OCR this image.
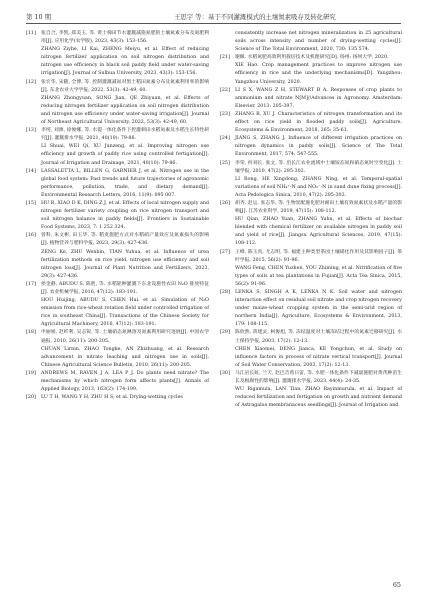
第 10 期	王思宇 等：基于不同灌溉模式的土壤氮素吸存及转化研究
[11] 张自合, 李凯, 郑美玉, 等. 黄土梯田节水灌溉减施氮肥的土壤氮素分布及氮肥利用[J]. 应用化学(农学版), 2023, 43(3): 153-156.
ZHANG Ziyhe, LI Kai, ZHENG Meiyu, et al. Effect of reducing nitrogen fertilizer application on soil nitrogen distribution and nitrogen use efficiency in black soil paddy field under water-saving irrigation[J]. Journal of Sulhua University, 2023, 43(3): 153-156.
[12] 张宏华, 宋随, 全博, 等. 控制灌溉减氮对黑土稻田氮素分布及氮素利用率的影响[J]. 东北农业大学学报, 2022, 53(3): 42-49, 60.
ZHANG Zhongyuan, SONG Jian, QE Zhiyuan, et al. Effects of reducing nitrogen fertilizer application on soil nitrogen distribution and nitrogen use efficiency under water-saving irrigation[J]. Journal of Northeast Agricultural University, 2022, 53(3): 42-49, 60.
[13] 李纯, 刘源, 徐俊娜, 等. 水提一体化条件下控灌刺田水稻氮素及水稻生长特性研究[J]. 灌溉排水学报, 2021, 40(10): 79-86.
LI Shuai, WEI Qi, XU Junzeng, et al. Improving nitrogen use efficiency and growth of paddy rice using controlled fertigation[J]. Journal of Irrigation and Drainage, 2021, 40(10): 79-86.
[14] LASSALETTA L, BILLEN G, GARNIER J, et al. Nitrogen use in the global food system: Past trends and future trajectories of agronomic performance, pollution, trade, and dietary demand[J]. Environmental Research Letters, 2016, 11(9): 095 007.
[15] HU R, XIAO D K, DING Z J, et al. Effects of local nitrogen supply and nitrogen fertilizer variety coupling on rice nitrogen transport and soil nitrogen balance in paddy fields[J]. Frontiers in Sustainable Food Systems, 2023, 7: 1 252 324.
[16] 曾科, 朱文彬, 田玉华, 等. 稻麦施肥方式对水稻硝产量效应及氮素损失的影响[J]. 植物营养与肥料学报, 2023, 29(3): 427-436.
ZENG Ke, ZHU Wenbin, TIAN Yuhua, et al. Influence of urea fertilization methods on rice yield, nitrogen use efficiency and soil nitrogen loss[J]. Journal of Plant Nutrition and Fertilizers, 2023, 29(3): 427-436.
[17] 侯金静, ABUDU S, 陈胜, 等. 水稻轮种灌溉下东北设施性农田 N₂O 排放特征[J]. 农业机械学报, 2016, 47(12): 183-191.
HOU Huijing, ABUDU S, CHEN Hui, et al. Simulation of N₂O emission from rice-wheat rotation field under controlled irrigation of rice in southeast China[J]. Transactions of the Chinese Society for Agricultural Machinery, 2016, 47(12): 183-191.
[18] 申丽娟, 赵纤利, 吴志锐, 等. 土壤硝态氮淋溶及氮素利用研究进展[J]. 中国农学通报, 2010, 26(11): 200-205.
CHUAN Lirnin, ZHAO Tongke, AN Zhizhuang, et al. Research advancement in nitrate leaching and nitrogen use in soils[J]. Chinese Agricultural Science Bulletin, 2010, 26(11): 200-205.
[19] ANDREWS M, RAVEN J A, LEA P J. Do plants need nitrate? The mechanisms by which nitrogen form affects plants[J]. Annals of Applied Biology, 2013, 163(2): 174-199.
[20] LU T H, WANG Y H, ZHU H S, et al. Drying-wetting cycles
consistently increase net nitrogen mineralization in 25 agricultural soils across intensity and number of drying-wetting cycles[J]. Science of The Total Environment, 2020, 730: 135 574.
[21] 谢佩. 水稻氮肥高效利用栽培技术及机理研究[D]. 扬州: 扬州大学, 2020.
XIE Hao. Crop management practices to improve nitrogen use efficiency in rice and the underlying mechanisms[D]. Yangzhou: Yangzhou University, 2020.
[22] LI S X, WANG Z H, STEWART B A. Responses of crop plants to ammonium and nitrate N[M]//Advances in Agronomy. Amsterdam: Elsevier, 2013: 205-397.
[23] ZHANG B, XU J. Characteristics of nitrogen transformation and its effect on rice yield in flooded paddy soils[J]. Agriculture, Ecosystems & Environment, 2018, 265: 35-61.
[24] JIANG S, ZHANG J. Influence of different irrigation practices on nitrogen dynamics in paddy soils[J]. Science of The Total Environment, 2017, 574: 547-555.
[25] 李荣, 何刘长, 张文, 等. 沿长江农业流域中土壤铵态氮和硝态氮时空变化[J]. 土壤学报, 2010, 47(2): 295-302.
LI Rong, HE Xingdong, ZHANG Ning, et al. Temporal-spatial variations of soil NH₄⁺-N and NO₃⁻-N in sand dune fixing process[J]. Acta Pedologica Sinica, 2010, 47(2): 295-302.
[26] 胡齐, 赵运, 张志华, 等. 生物炭配施化肥对耐田土壤有效氮素状及水稻产量的影响[J]. 江苏农业科学, 2019, 47(15): 108-112.
HU Qian, ZHAO Yuan, ZHANG Yuhu, et al. Effects of biochar blended with chemical fertilizer on available nitrogen in paddy soil and yield of rice[J]. Jiangsu Agricultural Sciences, 2019, 47(15): 108-112.
[27] 王峰, 陈玉真, 尤志明, 等. 福建主种类型茶园土壤硝化作用及其影响因子[J]. 茶叶学报, 2015, 56(2): 91-96.
WANG Feng, CHEN Yuzhen, YOU Zhiming, et al. Nitrification of five types of soils at tea plantations in Fujian[J]. Acta Tea Sinica, 2015, 56(2): 91-96.
[28] LENKA S, SINGH A K, LENKA N K. Soil water and nitrogen interaction effect on residual soil nitrate and crop nitrogen recovery under maize-wheat cropping system in the semi-arid region of northern India[J]. Agriculture, Ecosystems & Environment, 2013, 179: 108-115.
[29] 陈欣然, 蒋建灵, 柯俊旭, 等. 冻结温度对土壤冻结过程中的氮素迁移研究[J]. 水土保持学报, 2003, 17(2): 12-13.
CHEN Xiaomei, DENG Jianca, KE Yongchun, et al. Study on influence factors in process of nitrate vertical transport[J]. Journal of Soil Water Conservation, 2003, 17(2): 12-13.
[30] 马江岩长虹, 兰天, 赵巴音希日雷, 等. 水肥一体化条件下减量施肥对黄芪种苗生长及根腐性的影响[J]. 灌溉排水学报, 2023, 44(4): 24-35.
WU Rigamula, LAN Tian, ZHAO Bayinmurula, et al. Impact of reduced fertilization and fertigation on growth and nutrient demand of Astragalus membranaceus seedlings[J]. Journal of Irrigation and
65
